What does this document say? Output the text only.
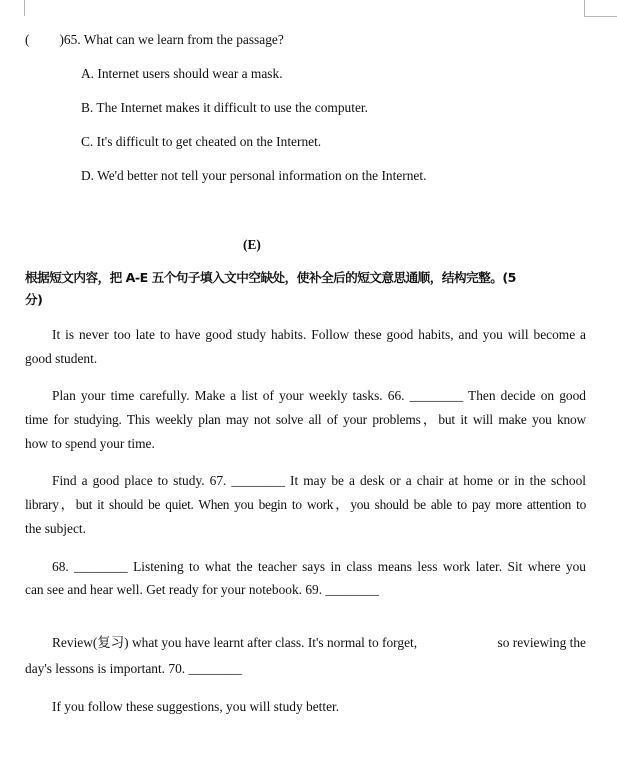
( )65. What can we learn from the passage?
A. Internet users should wear a mask.
B. The Internet makes it difficult to use the computer.
C. It's difficult to get cheated on the Internet.
D. We'd better not tell your personal information on the Internet.
(E)
根据短文内容，把 A-E 五个句子填入文中空缺处，使补全后的短文意思通顺，结构完整。(5
分)
It is never too late to have good study habits. Follow these good habits, and you will become a
good student.
Plan your time carefully. Make a list of your weekly tasks. 66. ________ Then decide on good
time for studying. This weekly plan may not solve all of your problems，but it will make you know
how to spend your time.
Find a good place to study. 67. ________ It may be a desk or a chair at home or in the school
library，but it should be quiet. When you begin to work，you should be able to pay more attention to
the subject.
68. ________ Listening to what the teacher says in class means less work later. Sit where you
can see and hear well. Get ready for your notebook. 69. ________
Review(复习) what you have learnt after class. It's normal to forget,	so reviewing the
day's lessons is important. 70. ________
If you follow these suggestions, you will study better.
